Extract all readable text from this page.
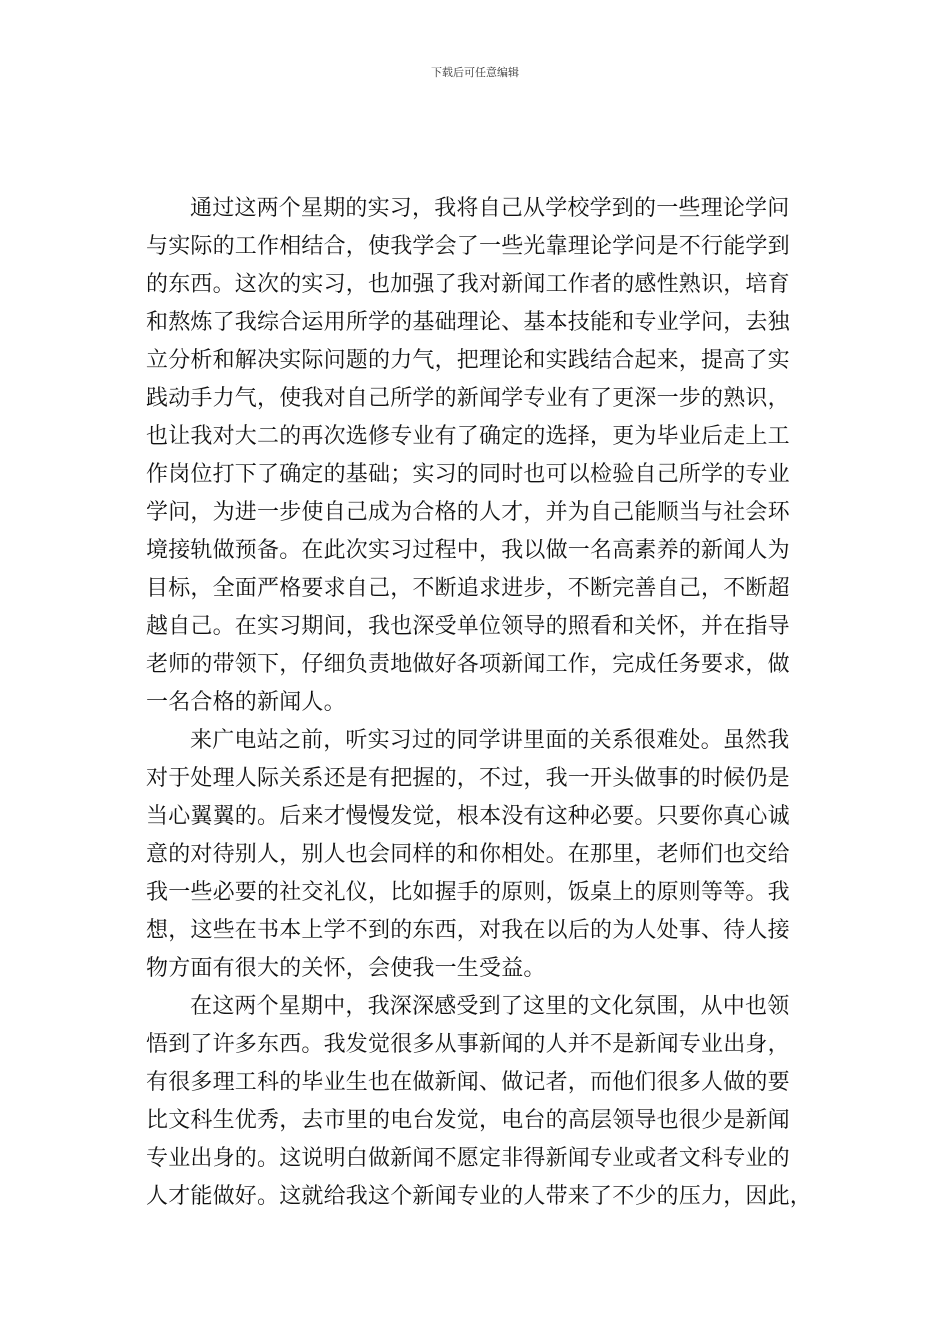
下载后可任意编辑
通过这两个星期的实习，我将自己从学校学到的一些理论学问
与实际的工作相结合，使我学会了一些光靠理论学问是不行能学到
的东西。这次的实习，也加强了我对新闻工作者的感性熟识，培育
和熬炼了我综合运用所学的基础理论、基本技能和专业学问，去独
立分析和解决实际问题的力气，把理论和实践结合起来，提高了实
践动手力气，使我对自己所学的新闻学专业有了更深一步的熟识，
也让我对大二的再次选修专业有了确定的选择，更为毕业后走上工
作岗位打下了确定的基础；实习的同时也可以检验自己所学的专业
学问，为进一步使自己成为合格的人才，并为自己能顺当与社会环
境接轨做预备。在此次实习过程中，我以做一名高素养的新闻人为
目标，全面严格要求自己，不断追求进步，不断完善自己，不断超
越自己。在实习期间，我也深受单位领导的照看和关怀，并在指导
老师的带领下，仔细负责地做好各项新闻工作，完成任务要求，做
一名合格的新闻人。
来广电站之前，听实习过的同学讲里面的关系很难处。虽然我
对于处理人际关系还是有把握的，不过，我一开头做事的时候仍是
当心翼翼的。后来才慢慢发觉，根本没有这种必要。只要你真心诚
意的对待别人，别人也会同样的和你相处。在那里，老师们也交给
我一些必要的社交礼仪，比如握手的原则，饭桌上的原则等等。我
想，这些在书本上学不到的东西，对我在以后的为人处事、待人接
物方面有很大的关怀，会使我一生受益。
在这两个星期中，我深深感受到了这里的文化氛围，从中也领
悟到了许多东西。我发觉很多从事新闻的人并不是新闻专业出身，
有很多理工科的毕业生也在做新闻、做记者，而他们很多人做的要
比文科生优秀，去市里的电台发觉，电台的高层领导也很少是新闻
专业出身的。这说明白做新闻不愿定非得新闻专业或者文科专业的
人才能做好。这就给我这个新闻专业的人带来了不少的压力，因此，
